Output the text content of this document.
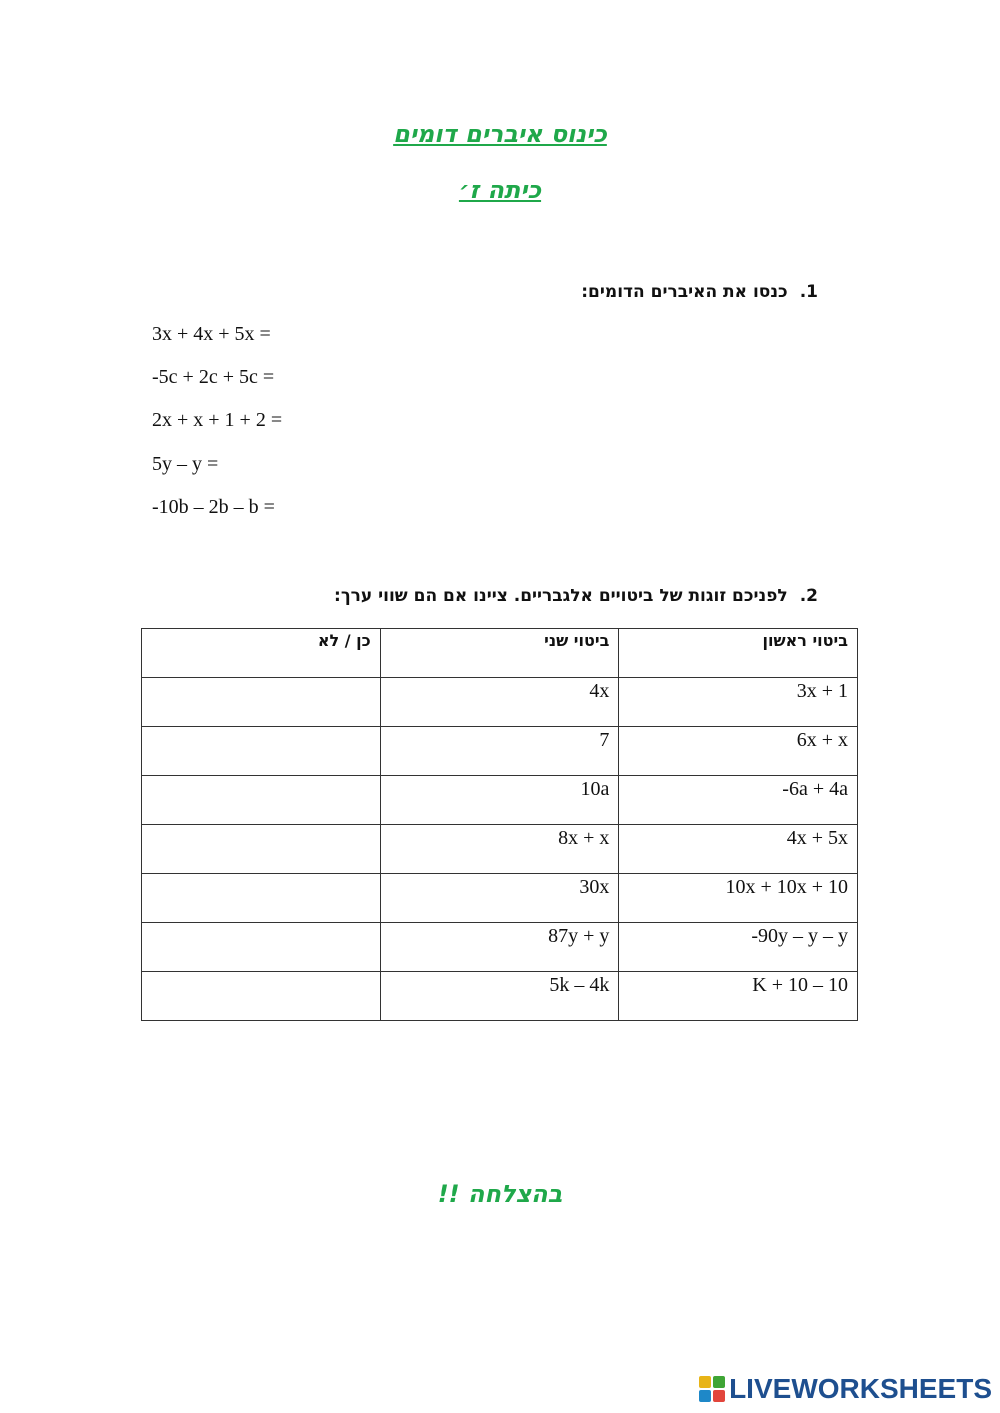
כינוס איברים דומים
כיתה ז׳
1.כנסו את האיברים הדומים:
3x + 4x + 5x =
-5c + 2c + 5c =
2x + x + 1 + 2 =
5y – y =
-10b – 2b – b =
2.לפניכם זוגות של ביטויים אלגבריים. ציינו אם הם שווי ערך:
ביטוי ראשון	ביטוי שני	כן / לא
3x + 1	4x	
6x + x	7	
-6a + 4a	10a	
4x + 5x	8x + x	
10x + 10x + 10	30x	
-90y – y – y	87y + y	
K + 10 – 10	5k – 4k	
בהצלחה !!
LIVEWORKSHEETS
